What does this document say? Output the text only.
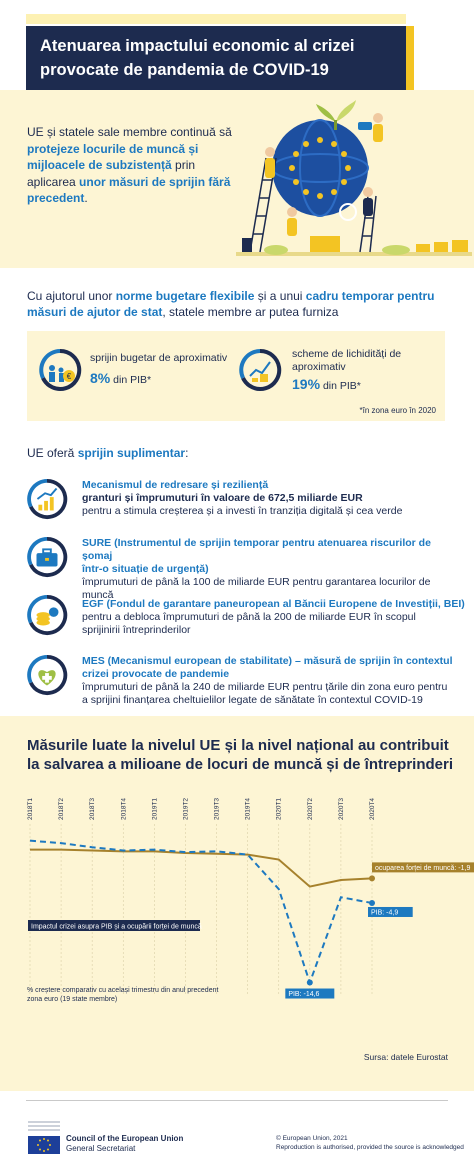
Atenuarea impactului economic al crizei
provocate de pandemia de COVID-19
UE și statele sale membre continuă să protejeze locurile de muncă și mijloacele de subzistență prin aplicarea unor măsuri de sprijin fără precedent.
Cu ajutorul unor norme bugetare flexibile și a unui cadru temporar pentru măsuri de ajutor de stat, statele membre ar putea furniza
€
sprijin bugetar de aproximativ
8% din PIB*
scheme de lichidități de
aproximativ
19% din PIB*
*în zona euro în 2020
UE oferă sprijin suplimentar:
Mecanismul de redresare și reziliență
granturi și împrumuturi în valoare de 672,5 miliarde EUR
pentru a stimula creșterea și a investi în tranziția digitală și cea verde
SURE (Instrumentul de sprijin temporar pentru atenuarea riscurilor de șomaj
într-o situație de urgență)
împrumuturi de până la 100 de miliarde EUR pentru garantarea locurilor de
muncă
EGF (Fondul de garantare paneuropean al Băncii Europene de Investiții, BEI)
pentru a debloca împrumuturi de până la 200 de miliarde EUR în scopul
sprijinirii întreprinderilor
MES (Mecanismul european de stabilitate) – măsură de sprijin în contextul
crizei provocate de pandemie
împrumuturi de până la 240 de miliarde EUR pentru țările din zona euro pentru
a sprijini finanțarea cheltuielilor legate de sănătate în contextul COVID-19
Măsurile luate la nivelul UE și la nivel național au contribuit
la salvarea a milioane de locuri de muncă și de întreprinderi
2018T1	2018T2	2018T3	2018T4	2019T1	2019T2	2019T3	2019T4	2020T1	2020T2	2020T3	2020T4
ocuparea forței de muncă: -1,9
PIB: -4,9
PIB: -14,6
Impactul crizei asupra PIB și a ocupării forței de muncă
% creștere comparativ cu același trimestru din anul precedent
zona euro (19 state membre)
Sursa: datele Eurostat
Council of the European Union
General Secretariat
© European Union, 2021
Reproduction is authorised, provided the source is acknowledged
